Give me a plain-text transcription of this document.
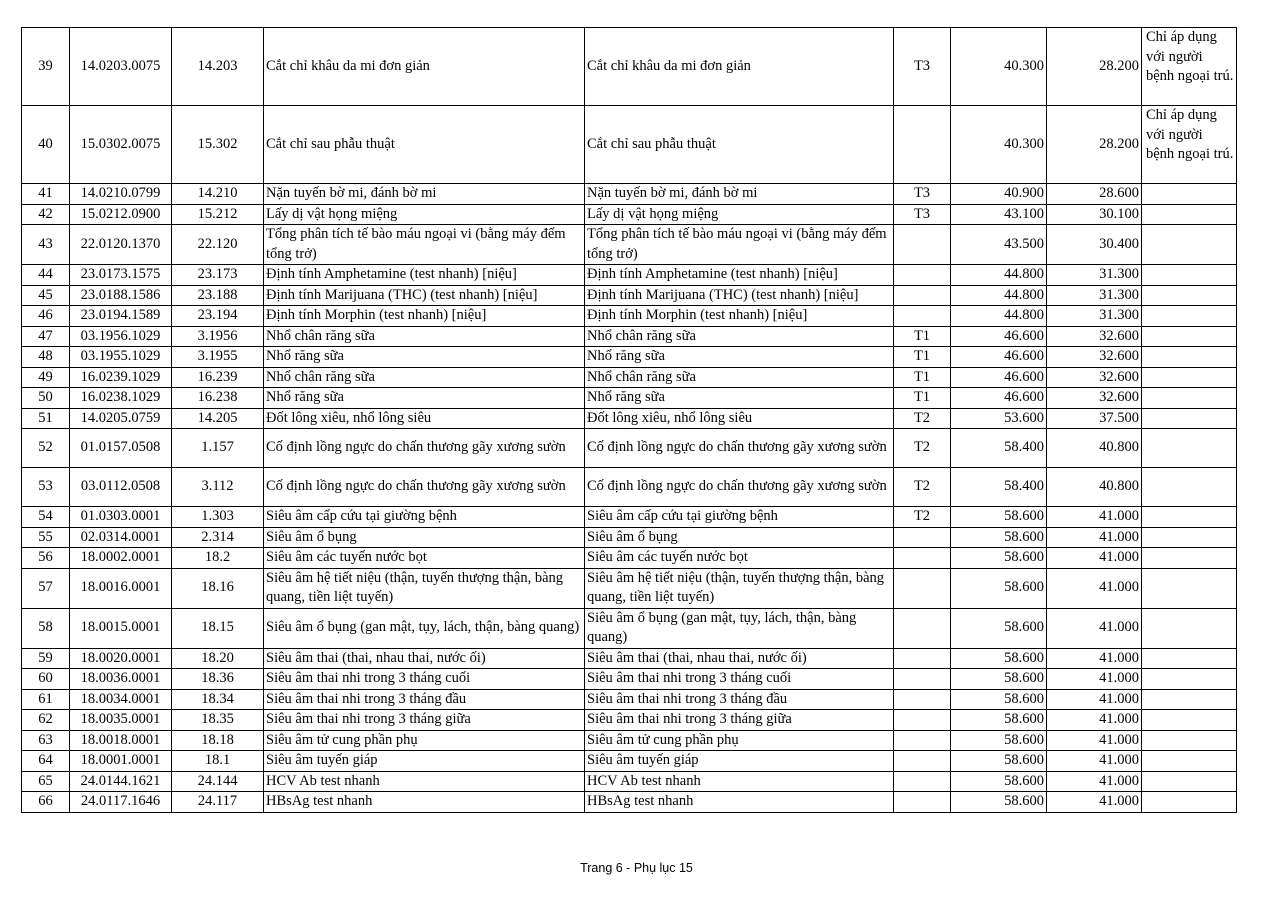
39	14.0203.0075	14.203	Cắt chỉ khâu da mi đơn giản	Cắt chỉ khâu da mi đơn giản	T3	40.300	28.200	Chỉ áp dụng với người bệnh ngoại trú.
40	15.0302.0075	15.302	Cắt chỉ sau phẫu thuật	Cắt chỉ sau phẫu thuật		40.300	28.200	Chỉ áp dụng với người bệnh ngoại trú.
41	14.0210.0799	14.210	Nặn tuyến bờ mi, đánh bờ mi	Nặn tuyến bờ mi, đánh bờ mi	T3	40.900	28.600	
42	15.0212.0900	15.212	Lấy dị vật họng miệng	Lấy dị vật họng miệng	T3	43.100	30.100	
43	22.0120.1370	22.120	Tổng phân tích tế bào máu ngoại vi (bằng máy đếm tổng trở)	Tổng phân tích tế bào máu ngoại vi (bằng máy đếm tổng trở)		43.500	30.400	
44	23.0173.1575	23.173	Định tính Amphetamine (test nhanh) [niệu]	Định tính Amphetamine (test nhanh) [niệu]		44.800	31.300	
45	23.0188.1586	23.188	Định tính Marijuana (THC) (test nhanh) [niệu]	Định tính Marijuana (THC) (test nhanh) [niệu]		44.800	31.300	
46	23.0194.1589	23.194	Định tính Morphin (test nhanh) [niệu]	Định tính Morphin (test nhanh) [niệu]		44.800	31.300	
47	03.1956.1029	3.1956	Nhổ chân răng sữa	Nhổ chân răng sữa	T1	46.600	32.600	
48	03.1955.1029	3.1955	Nhổ răng sữa	Nhổ răng sữa	T1	46.600	32.600	
49	16.0239.1029	16.239	Nhổ chân răng sữa	Nhổ chân răng sữa	T1	46.600	32.600	
50	16.0238.1029	16.238	Nhổ răng sữa	Nhổ răng sữa	T1	46.600	32.600	
51	14.0205.0759	14.205	Đốt lông xiêu, nhổ lông siêu	Đốt lông xiêu, nhổ lông siêu	T2	53.600	37.500	
52	01.0157.0508	1.157	Cố định lồng ngực do chấn thương gãy xương sườn	Cố định lồng ngực do chấn thương gãy xương sườn	T2	58.400	40.800	
53	03.0112.0508	3.112	Cố định lồng ngực do chấn thương gãy xương sườn	Cố định lồng ngực do chấn thương gãy xương sườn	T2	58.400	40.800	
54	01.0303.0001	1.303	Siêu âm cấp cứu tại giường bệnh	Siêu âm cấp cứu tại giường bệnh	T2	58.600	41.000	
55	02.0314.0001	2.314	Siêu âm ổ bụng	Siêu âm ổ bụng		58.600	41.000	
56	18.0002.0001	18.2	Siêu âm các tuyến nước bọt	Siêu âm các tuyến nước bọt		58.600	41.000	
57	18.0016.0001	18.16	Siêu âm hệ tiết niệu (thận, tuyến thượng thận, bàng quang, tiền liệt tuyến)	Siêu âm hệ tiết niệu (thận, tuyến thượng thận, bàng quang, tiền liệt tuyến)		58.600	41.000	
58	18.0015.0001	18.15	Siêu âm ổ bụng (gan mật, tụy, lách, thận, bàng quang)	Siêu âm ổ bụng (gan mật, tụy, lách, thận, bàng quang)		58.600	41.000	
59	18.0020.0001	18.20	Siêu âm thai (thai, nhau thai, nước ối)	Siêu âm thai (thai, nhau thai, nước ối)		58.600	41.000	
60	18.0036.0001	18.36	Siêu âm thai nhi trong 3 tháng cuối	Siêu âm thai nhi trong 3 tháng cuối		58.600	41.000	
61	18.0034.0001	18.34	Siêu âm thai nhi trong 3 tháng đầu	Siêu âm thai nhi trong 3 tháng đầu		58.600	41.000	
62	18.0035.0001	18.35	Siêu âm thai nhi trong 3 tháng giữa	Siêu âm thai nhi trong 3 tháng giữa		58.600	41.000	
63	18.0018.0001	18.18	Siêu âm tử cung phần phụ	Siêu âm tử cung phần phụ		58.600	41.000	
64	18.0001.0001	18.1	Siêu âm tuyến giáp	Siêu âm tuyến giáp		58.600	41.000	
65	24.0144.1621	24.144	HCV Ab test nhanh	HCV Ab test nhanh		58.600	41.000	
66	24.0117.1646	24.117	HBsAg test nhanh	HBsAg test nhanh		58.600	41.000	
Trang 6 - Phụ lục 15
